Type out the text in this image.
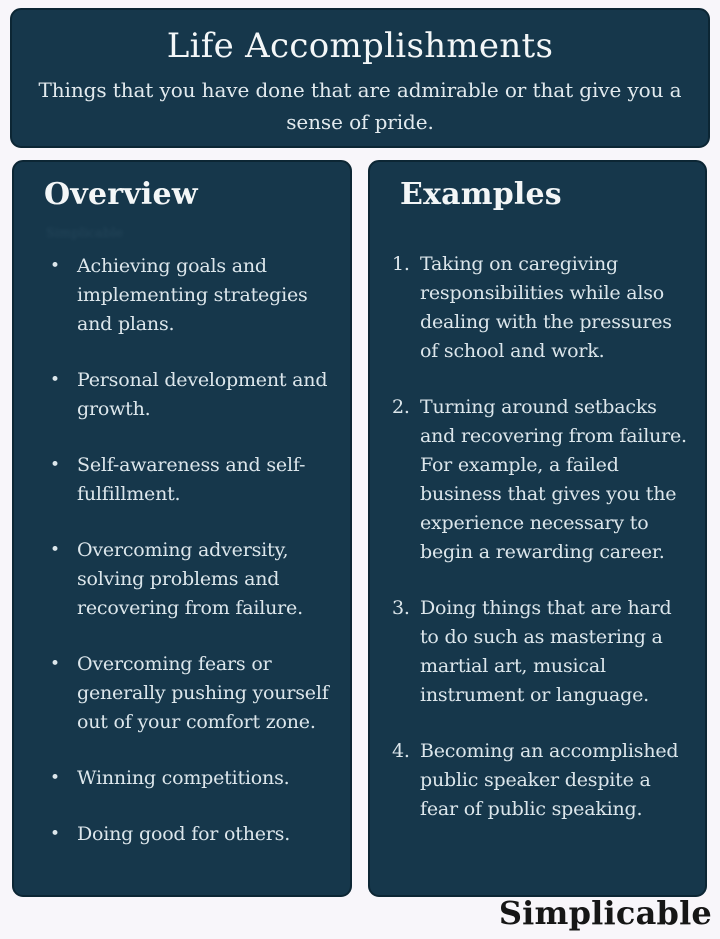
Life Accomplishments
Things that you have done that are admirable or that give you a sense of pride.
Overview
Simplicable
• Achieving goals and implementing strategies and plans.
• Personal development and growth.
• Self-awareness and self-fulfillment.
• Overcoming adversity, solving problems and recovering from failure.
• Overcoming fears or generally pushing yourself out of your comfort zone.
• Winning competitions.
• Doing good for others.
Examples
1. Taking on caregiving responsibilities while also dealing with the pressures of school and work.
2. Turning around setbacks and recovering from failure. For example, a failed business that gives you the experience necessary to begin a rewarding career.
3. Doing things that are hard to do such as mastering a martial art, musical instrument or language.
4. Becoming an accomplished public speaker despite a fear of public speaking.
Simplicable
